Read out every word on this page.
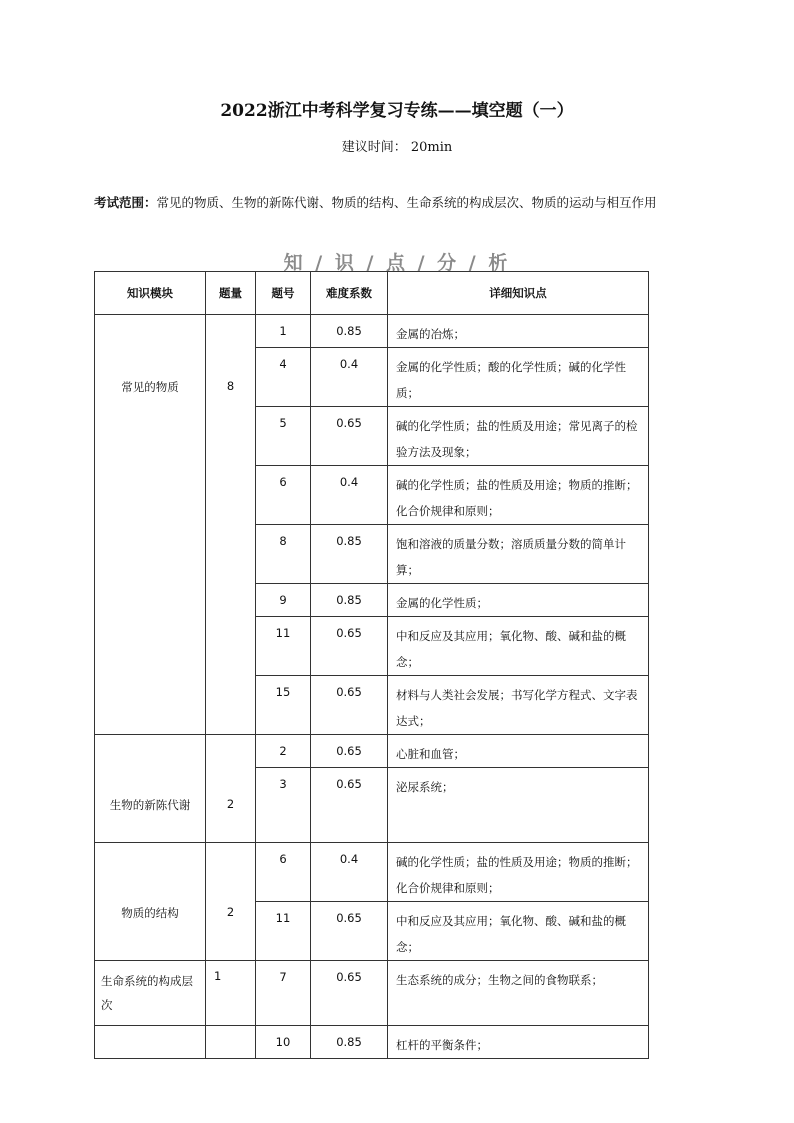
2022浙江中考科学复习专练——填空题（一）
建议时间： 20min
考试范围：常见的物质、生物的新陈代谢、物质的结构、生命系统的构成层次、物质的运动与相互作用
知 / 识 / 点 / 分 / 析
知识模块	题量	题号	难度系数	详细知识点
常见的物质	8	1	0.85	金属的冶炼；
		4	0.4	金属的化学性质；酸的化学性质；碱的化学性质；
		5	0.65	碱的化学性质；盐的性质及用途；常见离子的检验方法及现象；
		6	0.4	碱的化学性质；盐的性质及用途；物质的推断；化合价规律和原则；
		8	0.85	饱和溶液的质量分数；溶质质量分数的简单计算；
		9	0.85	金属的化学性质；
		11	0.65	中和反应及其应用；氧化物、酸、碱和盐的概念；
		15	0.65	材料与人类社会发展；书写化学方程式、文字表达式；
生物的新陈代谢	2	2	0.65	心脏和血管；
		3	0.65	泌尿系统；
物质的结构	2	6	0.4	碱的化学性质；盐的性质及用途；物质的推断；化合价规律和原则；
		11	0.65	中和反应及其应用；氧化物、酸、碱和盐的概念；
生命系统的构成层次	1	7	0.65	生态系统的成分；生物之间的食物联系；
		10	0.85	杠杆的平衡条件；
